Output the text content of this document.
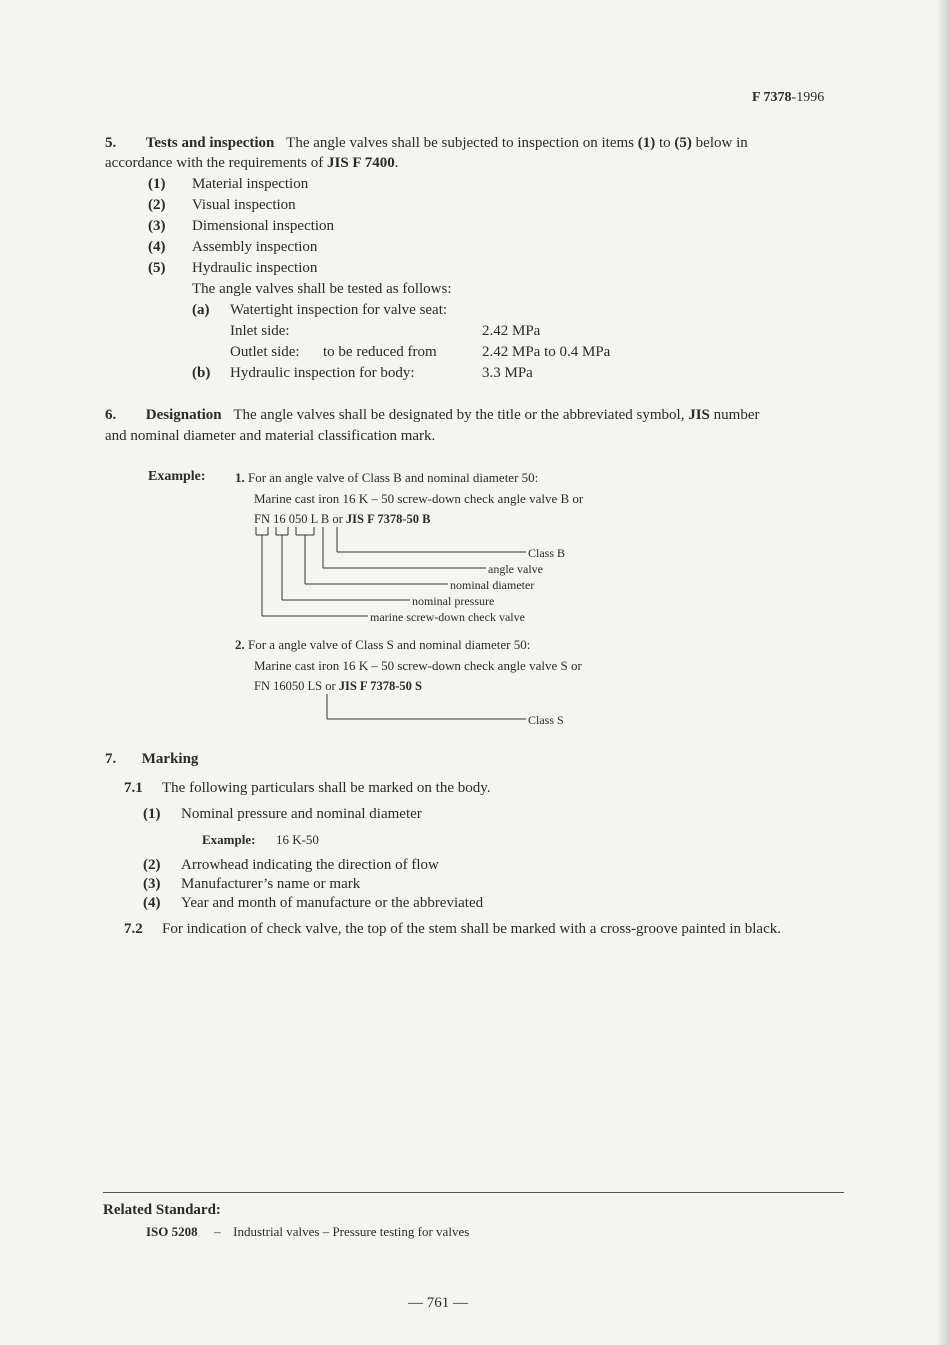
F 7378-1996
5. Tests and inspection The angle valves shall be subjected to inspection on items (1) to (5) below in
accordance with the requirements of JIS F 7400.
(1) Material inspection
(2) Visual inspection
(3) Dimensional inspection
(4) Assembly inspection
(5) Hydraulic inspection
The angle valves shall be tested as follows:
(a) Watertight inspection for valve seat:
Inlet side:	2.42 MPa
Outlet side: to be reduced from	2.42 MPa to 0.4 MPa
(b) Hydraulic inspection for body:	3.3 MPa
6. Designation The angle valves shall be designated by the title or the abbreviated symbol, JIS number
and nominal diameter and material classification mark.
Example: 1. For an angle valve of Class B and nominal diameter 50:
Marine cast iron 16 K – 50 screw-down check angle valve B or
FN 16 050 L B or JIS F 7378-50 B
Class B
angle valve
nominal diameter
nominal pressure
marine screw-down check valve
2. For a angle valve of Class S and nominal diameter 50:
Marine cast iron 16 K – 50 screw-down check angle valve S or
FN 16050 LS or JIS F 7378-50 S
Class S
7. Marking
7.1 The following particulars shall be marked on the body.
(1) Nominal pressure and nominal diameter
Example: 16 K-50
(2) Arrowhead indicating the direction of flow
(3) Manufacturer’s name or mark
(4) Year and month of manufacture or the abbreviated
7.2 For indication of check valve, the top of the stem shall be marked with a cross-groove painted in black.
Related Standard:
ISO 5208 – Industrial valves – Pressure testing for valves
— 761 —
